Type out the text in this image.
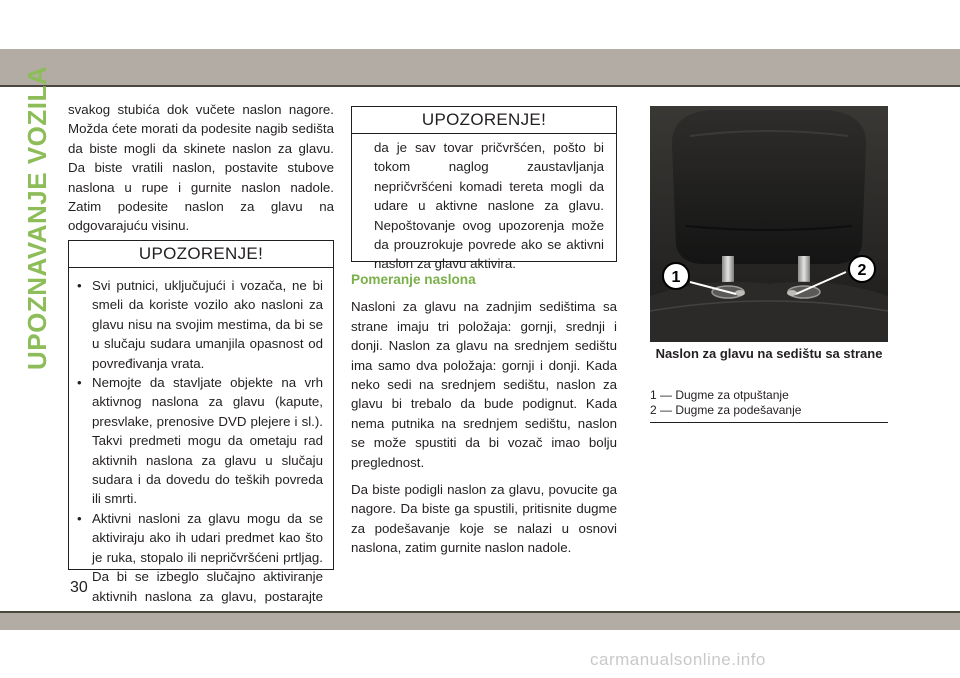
UPOZNAVANJE VOZILA	svakog stubića dok vučete naslon nagore. Možda ćete morati da podesite nagib sedišta da biste mogli da skinete naslon za glavu. Da biste vratili naslon, postavite stubove naslona u rupe i gurnite naslon nadole. Zatim podesite naslon za glavu na odgovarajuću visinu.

UPOZORENJE!
• Svi putnici, uključujući i vozača, ne bi smeli da koriste vozilo ako nasloni za glavu nisu na svojim mestima, da bi se u slučaju sudara umanjila opasnost od povređivanja vrata.
• Nemojte da stavljate objekte na vrh aktivnog naslona za glavu (kapute, presvlake, prenosive DVD plejere i sl.). Takvi predmeti mogu da ometaju rad aktivnih naslona za glavu u slučaju sudara i da dovedu do teških povreda ili smrti.
• Aktivni nasloni za glavu mogu da se aktiviraju ako ih udari predmet kao što je ruka, stopalo ili nepričvršćeni prtljag. Da bi se izbeglo slučajno aktiviranje aktivnih naslona za glavu, postarajte
UPOZORENJE!

da je sav tovar pričvršćen, pošto bi tokom naglog zaustavljanja nepričvršćeni komadi tereta mogli da udare u aktivne naslone za glavu. Nepoštovanje ovog upozorenja može da prouzrokuje povrede ako se aktivni naslon za glavu aktivira.

Pomeranje naslona

Nasloni za glavu na zadnjim sedištima sa strane imaju tri položaja: gornji, srednji i donji. Naslon za glavu na srednjem sedištu ima samo dva položaja: gornji i donji. Kada neko sedi na srednjem sedištu, naslon za glavu bi trebalo da bude podignut. Kada nema putnika na srednjem sedištu, naslon se može spustiti da bi vozač imao bolju preglednost.

Da biste podigli naslon za glavu, povucite ga nagore. Da biste ga spustili, pritisnite dugme za podešavanje koje se nalazi u osnovi naslona, zatim gurnite naslon nadole.

1	2
Naslon za glavu na sedištu sa strane
1 — Dugme za otpuštanje
2 — Dugme za podešavanje
30
carmanualsonline.info
